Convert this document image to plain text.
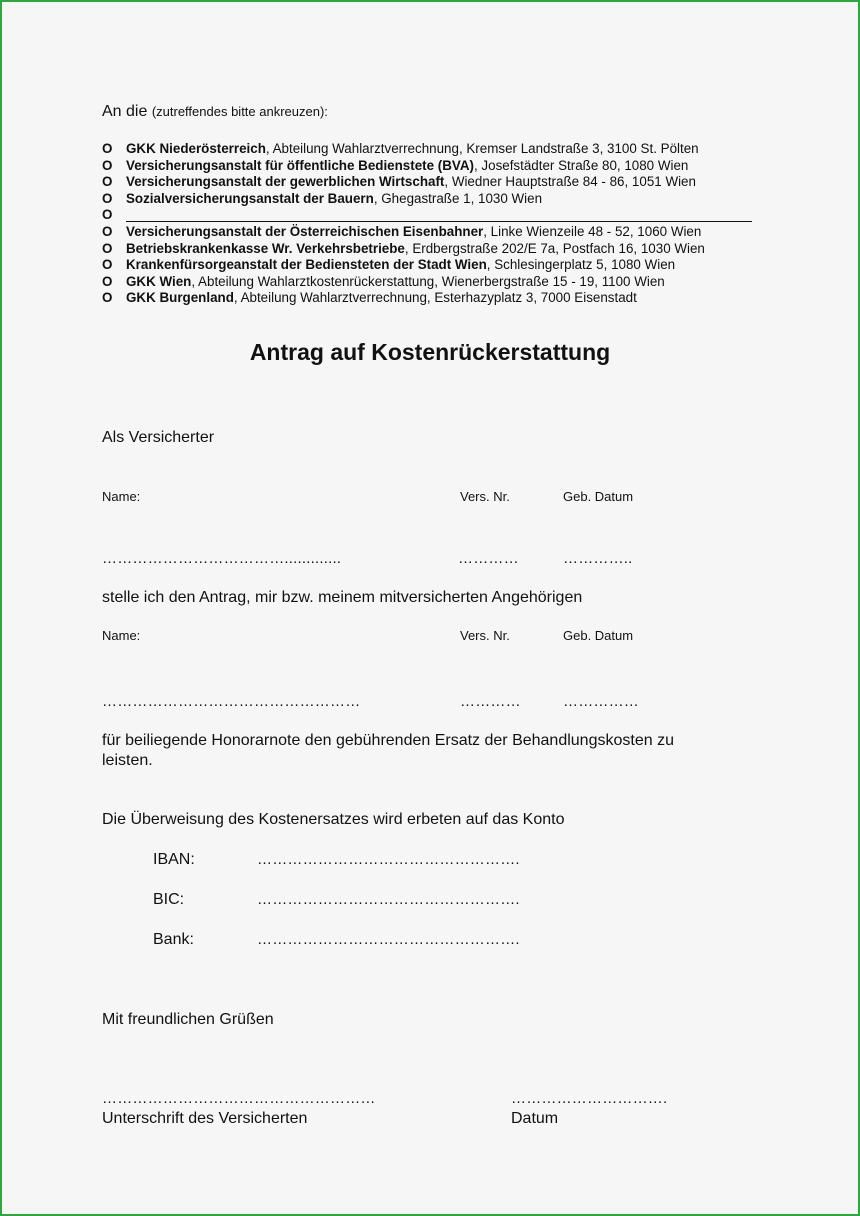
An die (zutreffendes bitte ankreuzen):
O GKK Niederösterreich, Abteilung Wahlarztverrechnung, Kremser Landstraße 3, 3100 St. Pölten
O Versicherungsanstalt für öffentliche Bedienstete (BVA), Josefstädter Straße 80, 1080 Wien
O Versicherungsanstalt der gewerblichen Wirtschaft, Wiedner Hauptstraße 84 - 86, 1051 Wien
O Sozialversicherungsanstalt der Bauern, Ghegastraße 1, 1030 Wien
O
O Versicherungsanstalt der Österreichischen Eisenbahner, Linke Wienzeile 48 - 52, 1060 Wien
O Betriebskrankenkasse Wr. Verkehrsbetriebe, Erdbergstraße 202/E 7a, Postfach 16, 1030 Wien
O Krankenfürsorgeanstalt der Bediensteten der Stadt Wien, Schlesingerplatz 5, 1080 Wien
O GKK Wien, Abteilung Wahlarztkostenrückerstattung, Wienerbergstraße 15 - 19, 1100 Wien
O GKK Burgenland, Abteilung Wahlarztverrechnung, Esterhazyplatz 3, 7000 Eisenstadt
Antrag auf Kostenrückerstattung
Als Versicherter
Name:	Vers. Nr.	Geb. Datum
……………………………….............	…………	…………..
stelle ich den Antrag, mir bzw. meinem mitversicherten Angehörigen
Name:	Vers. Nr.	Geb. Datum
……………………………………………	…………	……………
für beiliegende Honorarnote den gebührenden Ersatz der Behandlungskosten zu
leisten.
Die Überweisung des Kostenersatzes wird erbeten auf das Konto
IBAN:	…………………………………………….
BIC:	…………………………………………….
Bank:	…………………………………………….
Mit freundlichen Grüßen
………………………………………………
Unterschrift des Versicherten
………………………….
Datum
